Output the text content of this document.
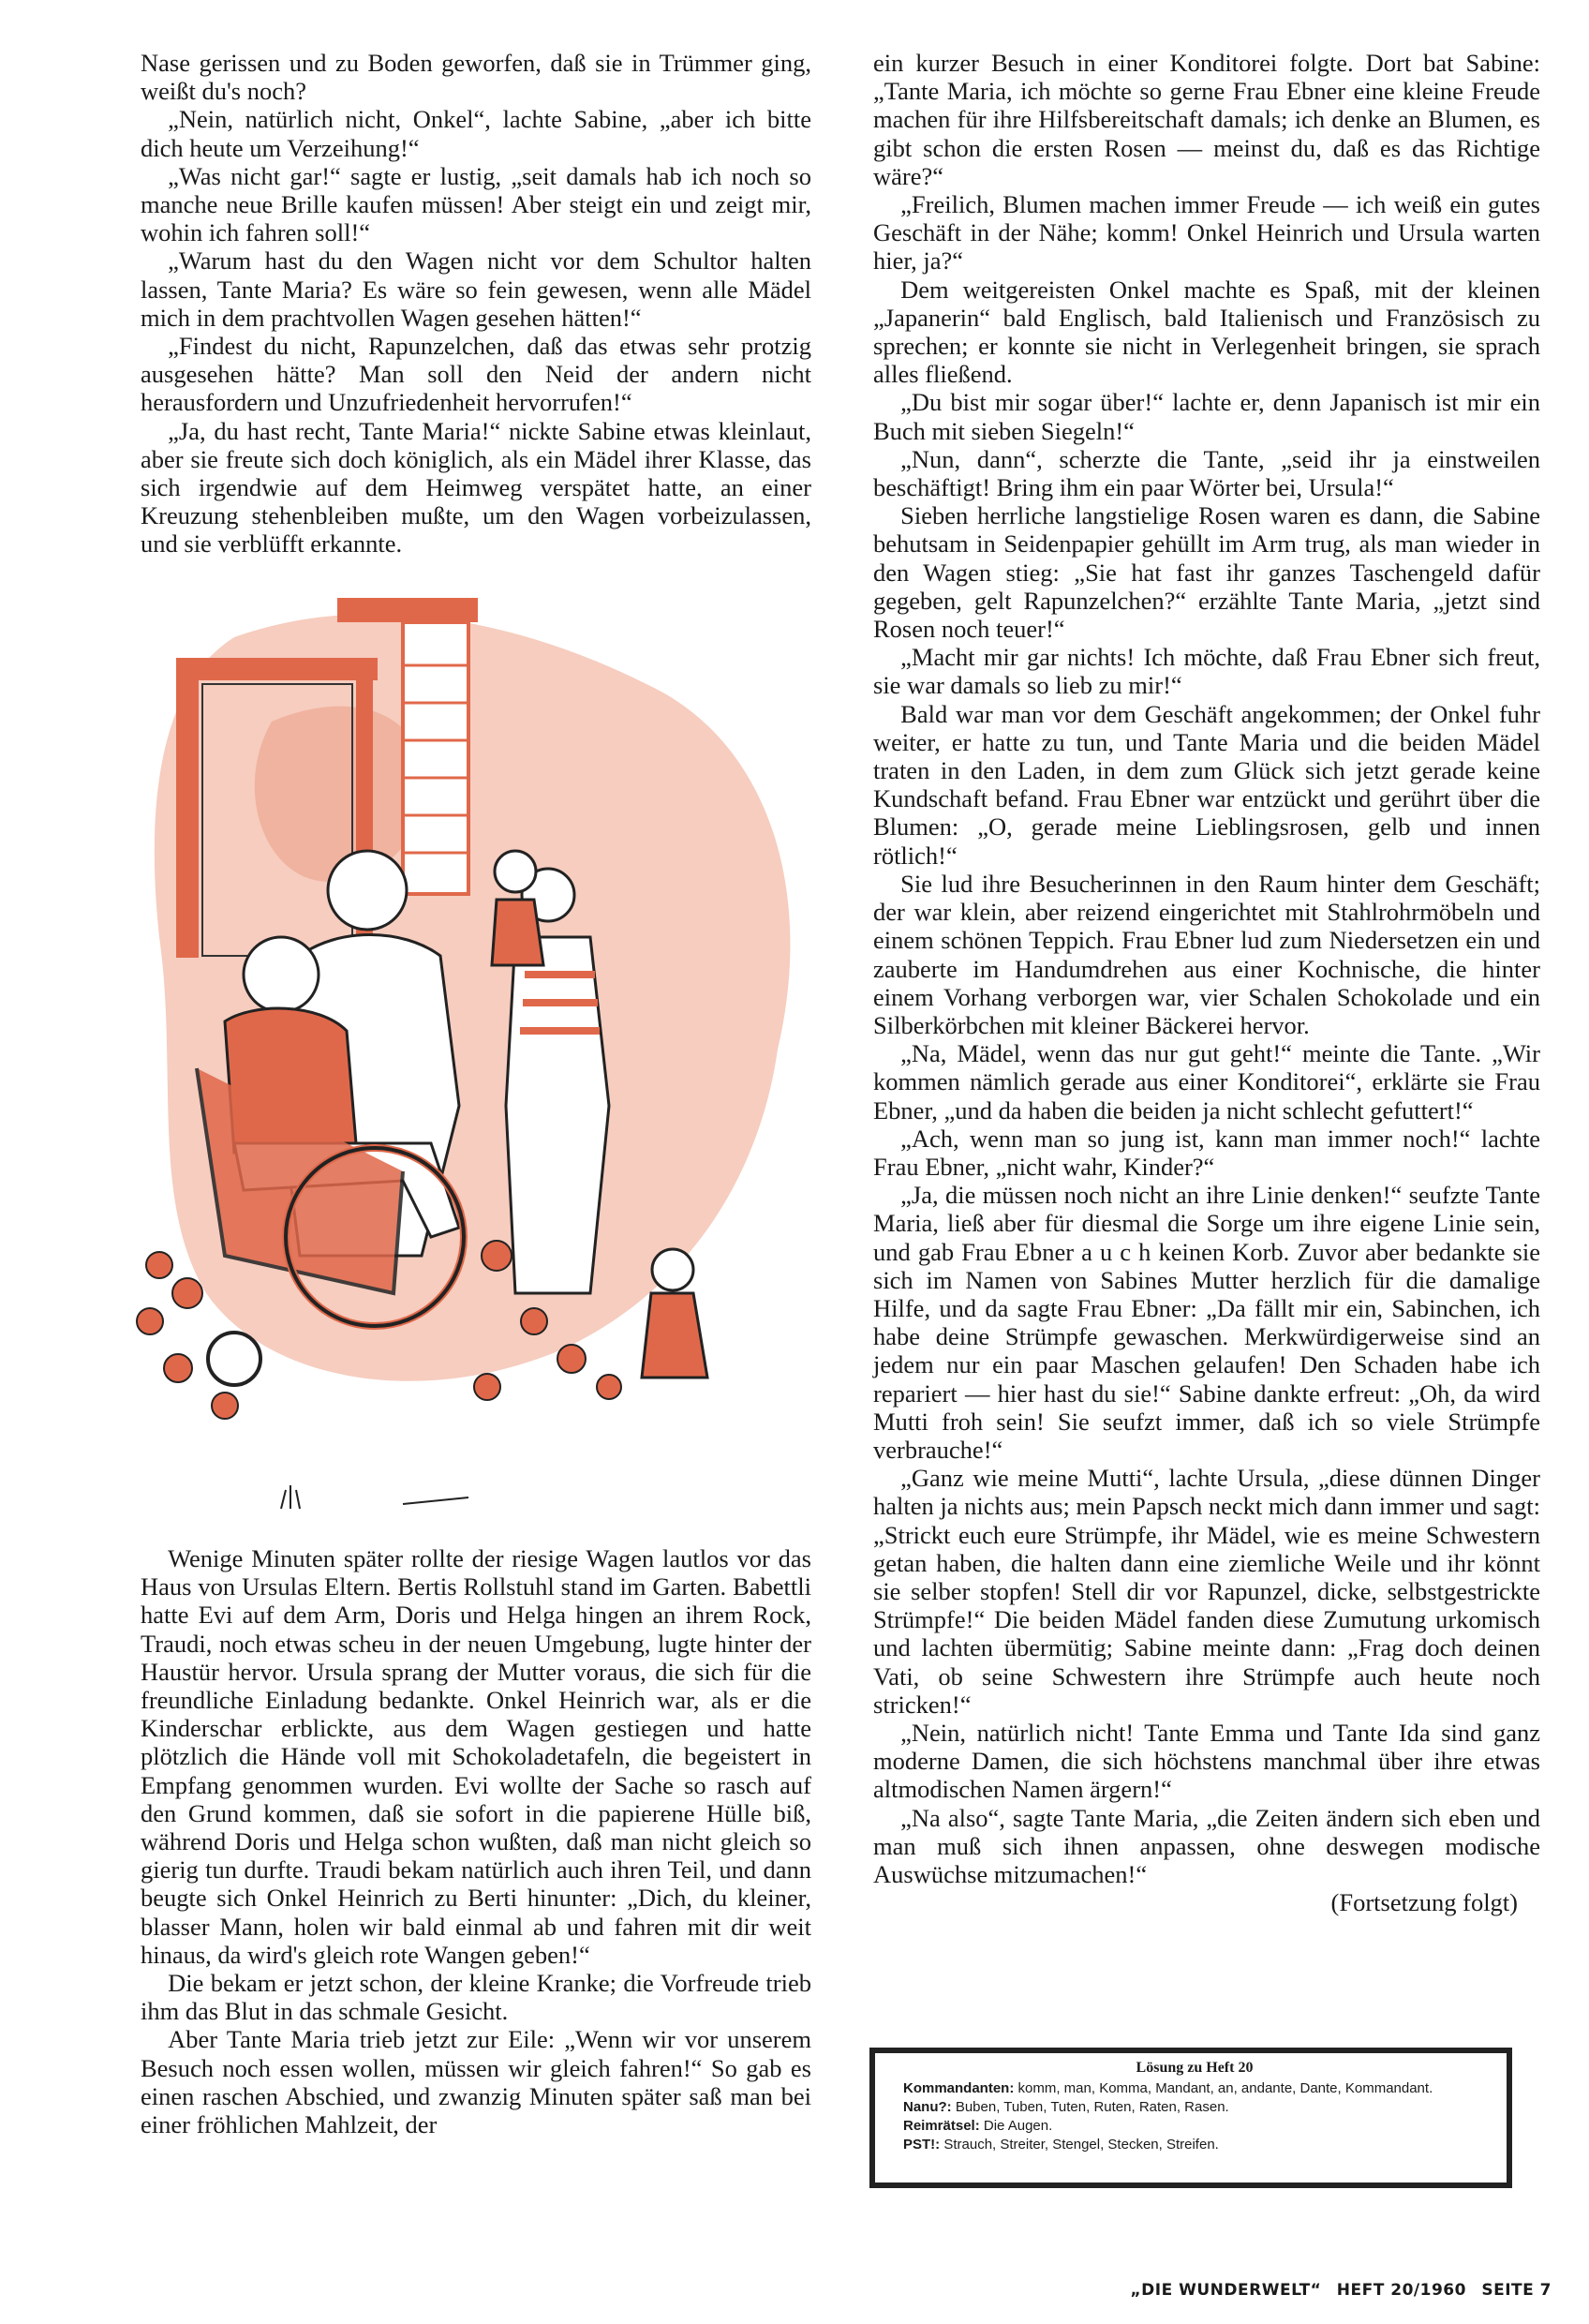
Nase gerissen und zu Boden geworfen, daß sie in Trümmer ging, weißt du's noch?

„Nein, natürlich nicht, Onkel“, lachte Sabine, „aber ich bitte dich heute um Verzeihung!“

„Was nicht gar!“ sagte er lustig, „seit damals hab ich noch so manche neue Brille kaufen müssen! Aber steigt ein und zeigt mir, wohin ich fahren soll!“

„Warum hast du den Wagen nicht vor dem Schultor halten lassen, Tante Maria? Es wäre so fein gewesen, wenn alle Mädel mich in dem prachtvollen Wagen gesehen hätten!“

„Findest du nicht, Rapunzelchen, daß das etwas sehr protzig ausgesehen hätte? Man soll den Neid der andern nicht herausfordern und Unzufriedenheit hervorrufen!“

„Ja, du hast recht, Tante Maria!“ nickte Sabine etwas kleinlaut, aber sie freute sich doch königlich, als ein Mädel ihrer Klasse, das sich irgendwie auf dem Heimweg verspätet hatte, an einer Kreuzung stehenbleiben mußte, um den Wagen vorbeizulassen, und sie verblüfft erkannte.

Wenige Minuten später rollte der riesige Wagen lautlos vor das Haus von Ursulas Eltern. Bertis Rollstuhl stand im Garten. Babettli hatte Evi auf dem Arm, Doris und Helga hingen an ihrem Rock, Traudi, noch etwas scheu in der neuen Umgebung, lugte hinter der Haustür hervor. Ursula sprang der Mutter voraus, die sich für die freundliche Einladung bedankte. Onkel Heinrich war, als er die Kinderschar erblickte, aus dem Wagen gestiegen und hatte plötzlich die Hände voll mit Schokoladetafeln, die begeistert in Empfang genommen wurden. Evi wollte der Sache so rasch auf den Grund kommen, daß sie sofort in die papierene Hülle biß, während Doris und Helga schon wußten, daß man nicht gleich so gierig tun durfte. Traudi bekam natürlich auch ihren Teil, und dann beugte sich Onkel Heinrich zu Berti hinunter: „Dich, du kleiner, blasser Mann, holen wir bald einmal ab und fahren mit dir weit hinaus, da wird's gleich rote Wangen geben!“

Die bekam er jetzt schon, der kleine Kranke; die Vorfreude trieb ihm das Blut in das schmale Gesicht.

Aber Tante Maria trieb jetzt zur Eile: „Wenn wir vor unserem Besuch noch essen wollen, müssen wir gleich fahren!“ So gab es einen raschen Abschied, und zwanzig Minuten später saß man bei einer fröhlichen Mahlzeit, der

ein kurzer Besuch in einer Konditorei folgte. Dort bat Sabine: „Tante Maria, ich möchte so gerne Frau Ebner eine kleine Freude machen für ihre Hilfsbereitschaft damals; ich denke an Blumen, es gibt schon die ersten Rosen — meinst du, daß es das Richtige wäre?“

„Freilich, Blumen machen immer Freude — ich weiß ein gutes Geschäft in der Nähe; komm! Onkel Heinrich und Ursula warten hier, ja?“

Dem weitgereisten Onkel machte es Spaß, mit der kleinen „Japanerin“ bald Englisch, bald Italienisch und Französisch zu sprechen; er konnte sie nicht in Verlegenheit bringen, sie sprach alles fließend.

„Du bist mir sogar über!“ lachte er, denn Japanisch ist mir ein Buch mit sieben Siegeln!“

„Nun, dann“, scherzte die Tante, „seid ihr ja einstweilen beschäftigt! Bring ihm ein paar Wörter bei, Ursula!“

Sieben herrliche langstielige Rosen waren es dann, die Sabine behutsam in Seidenpapier gehüllt im Arm trug, als man wieder in den Wagen stieg: „Sie hat fast ihr ganzes Taschengeld dafür gegeben, gelt Rapunzelchen?“ erzählte Tante Maria, „jetzt sind Rosen noch teuer!“

„Macht mir gar nichts! Ich möchte, daß Frau Ebner sich freut, sie war damals so lieb zu mir!“

Bald war man vor dem Geschäft angekommen; der Onkel fuhr weiter, er hatte zu tun, und Tante Maria und die beiden Mädel traten in den Laden, in dem zum Glück sich jetzt gerade keine Kundschaft befand. Frau Ebner war entzückt und gerührt über die Blumen: „O, gerade meine Lieblingsrosen, gelb und innen rötlich!“

Sie lud ihre Besucherinnen in den Raum hinter dem Geschäft; der war klein, aber reizend eingerichtet mit Stahlrohrmöbeln und einem schönen Teppich. Frau Ebner lud zum Niedersetzen ein und zauberte im Handumdrehen aus einer Kochnische, die hinter einem Vorhang verborgen war, vier Schalen Schokolade und ein Silberkörbchen mit kleiner Bäckerei hervor.

„Na, Mädel, wenn das nur gut geht!“ meinte die Tante. „Wir kommen nämlich gerade aus einer Konditorei“, erklärte sie Frau Ebner, „und da haben die beiden ja nicht schlecht gefuttert!“

„Ach, wenn man so jung ist, kann man immer noch!“ lachte Frau Ebner, „nicht wahr, Kinder?“

„Ja, die müssen noch nicht an ihre Linie denken!“ seufzte Tante Maria, ließ aber für diesmal die Sorge um ihre eigene Linie sein, und gab Frau Ebner a u c h keinen Korb. Zuvor aber bedankte sie sich im Namen von Sabines Mutter herzlich für die damalige Hilfe, und da sagte Frau Ebner: „Da fällt mir ein, Sabinchen, ich habe deine Strümpfe gewaschen. Merkwürdigerweise sind an jedem nur ein paar Maschen gelaufen! Den Schaden habe ich repariert — hier hast du sie!“ Sabine dankte erfreut: „Oh, da wird Mutti froh sein! Sie seufzt immer, daß ich so viele Strümpfe verbrauche!“

„Ganz wie meine Mutti“, lachte Ursula, „diese dünnen Dinger halten ja nichts aus; mein Papsch neckt mich dann immer und sagt: „Strickt euch eure Strümpfe, ihr Mädel, wie es meine Schwestern getan haben, die halten dann eine ziemliche Weile und ihr könnt sie selber stopfen! Stell dir vor Rapunzel, dicke, selbstgestrickte Strümpfe!“ Die beiden Mädel fanden diese Zumutung urkomisch und lachten übermütig; Sabine meinte dann: „Frag doch deinen Vati, ob seine Schwestern ihre Strümpfe auch heute noch stricken!“

„Nein, natürlich nicht! Tante Emma und Tante Ida sind ganz moderne Damen, die sich höchstens manchmal über ihre etwas altmodischen Namen ärgern!“

„Na also“, sagte Tante Maria, „die Zeiten ändern sich eben und man muß sich ihnen anpassen, ohne deswegen modische Auswüchse mitzumachen!“

(Fortsetzung folgt)

Lösung zu Heft 20
Kommandanten: komm, man, Komma, Mandant, an, andante, Dante, Kommandant.
Nanu?: Buben, Tuben, Tuten, Ruten, Raten, Rasen.
Reimrätsel: Die Augen.
PST!: Strauch, Streiter, Stengel, Stecken, Streifen.
„DIE WUNDERWELT“ HEFT 20/1960 SEITE 7
